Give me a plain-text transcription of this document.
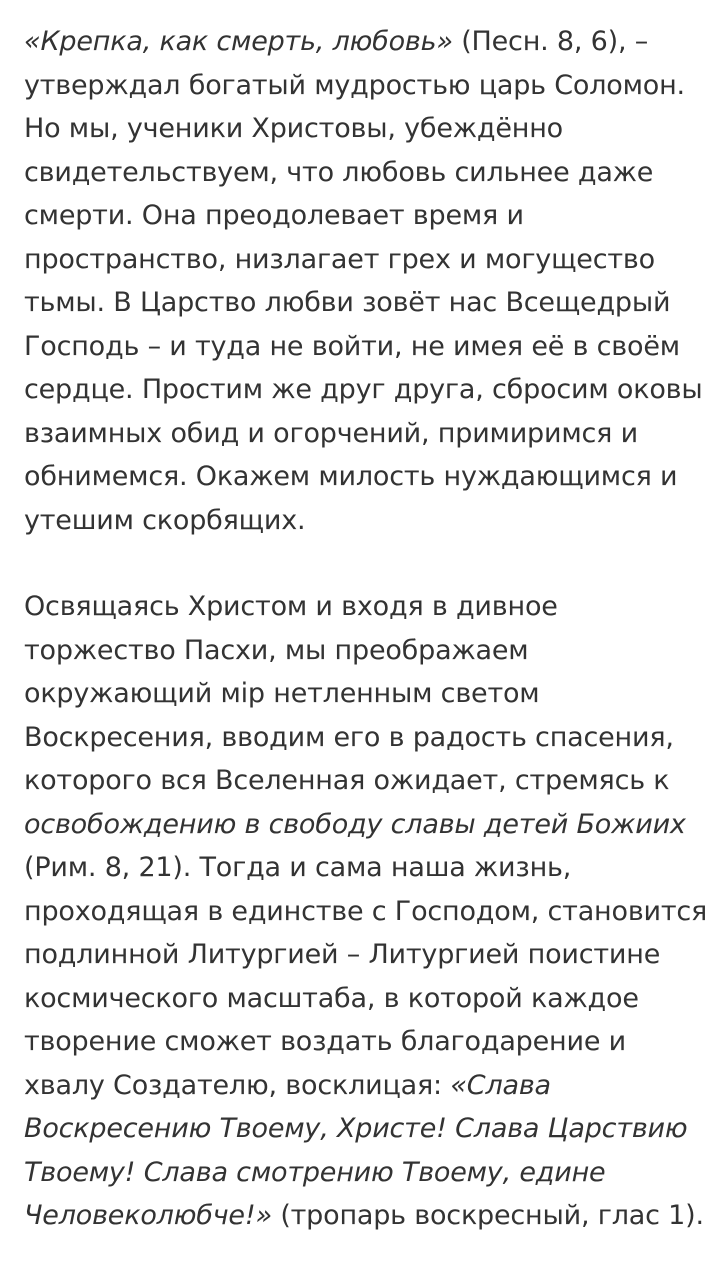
«Крепка, как смерть, любовь» (Песн. 8, 6), – утверждал богатый мудростью царь Соломон. Но мы, ученики Христовы, убеждённо свидетельствуем, что любовь сильнее даже смерти. Она преодолевает время и пространство, низлагает грех и могущество тьмы. В Царство любви зовёт нас Всещедрый Господь – и туда не войти, не имея её в своём сердце. Простим же друг друга, сбросим оковы взаимных обид и огорчений, примиримся и обнимемся. Окажем милость нуждающимся и утешим скорбящих.

Освящаясь Христом и входя в дивное торжество Пасхи, мы преображаем окружающий мiр нетленным светом Воскресения, вводим его в радость спасения, которого вся Вселенная ожидает, стремясь к освобождению в свободу славы детей Божиих (Рим. 8, 21). Тогда и сама наша жизнь, проходящая в единстве с Господом, становится подлинной Литургией – Литургией поистине космического масштаба, в которой каждое творение сможет воздать благодарение и хвалу Создателю, восклицая: «Слава Воскресению Твоему, Христе! Слава Царствию Твоему! Слава смотрению Твоему, едине Человеколюбче!» (тропарь воскресный, глас 1).
